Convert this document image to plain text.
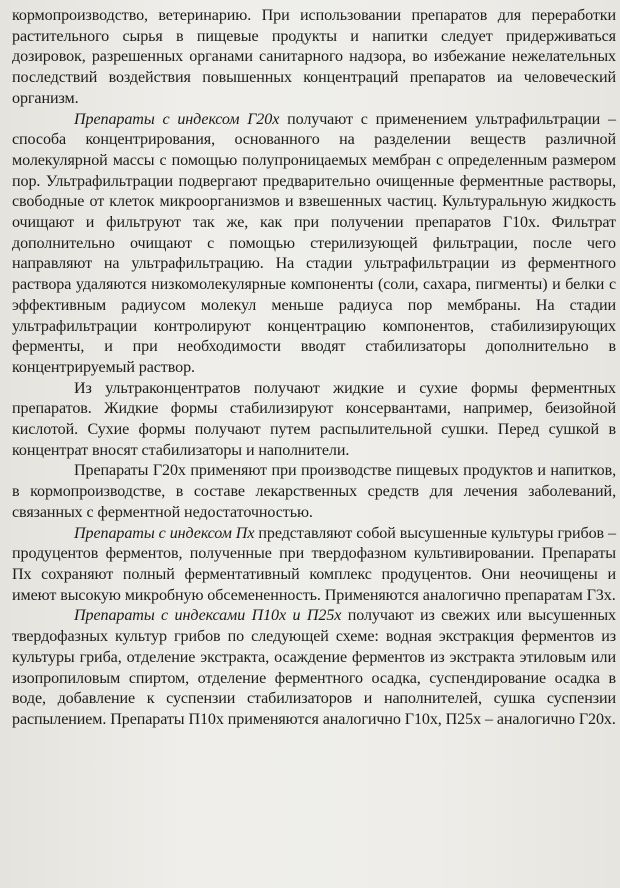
кормопроизводство, ветеринарию. При использовании препаратов для переработки растительного сырья в пищевые продукты и напитки следует придерживаться дозировок, разрешенных органами санитарного надзора, во избежание нежелательных последствий воздействия повышенных концентраций препаратов иа человеческий организм.

Препараты с индексом Г20х получают с применением ультрафильтрации – способа концентрирования, основанного на разделении веществ различной молекулярной массы с помощью полупроницаемых мембран с определенным размером пор. Ультрафильтрации подвергают предварительно очищенные ферментные растворы, свободные от клеток микроорганизмов и взвешенных частиц. Культуральную жидкость очищают и фильтруют так же, как при получении препаратов Г10х. Фильтрат дополнительно очищают с помощью стерилизующей фильтрации, после чего направляют на ультрафильтрацию. На стадии ультрафильтрации из ферментного раствора удаляются низкомолекулярные компоненты (соли, сахара, пигменты) и белки с эффективным радиусом молекул меньше радиуса пор мембраны. На стадии ультрафильтрации контролируют концентрацию компонентов, стабилизирующих ферменты, и при необходимости вводят стабилизаторы дополнительно в концентрируемый раствор.

Из ультраконцентратов получают жидкие и сухие формы ферментных препаратов. Жидкие формы стабилизируют консервантами, например, беизойной кислотой. Сухие формы получают путем распылительной сушки. Перед сушкой в концентрат вносят стабилизаторы и наполнители.

Препараты Г20х применяют при производстве пищевых продуктов и напитков, в кормопроизводстве, в составе лекарственных средств для лечения заболеваний, связанных с ферментной недостаточностью.

Препараты с индексом Пх представляют собой высушенные культуры грибов – продуцентов ферментов, полученные при твердофазном культивировании. Препараты Пх сохраняют полный ферментативный комплекс продуцентов. Они неочищены и имеют высокую микробную обсемененность. Применяются аналогично препаратам Г3х.

Препараты с индексами П10х и П25х получают из свежих или высушенных твердофазных культур грибов по следующей схеме: водная экстракция ферментов из культуры гриба, отделение экстракта, осаждение ферментов из экстракта этиловым или изопропиловым спиртом, отделение ферментного осадка, суспендирование осадка в воде, добавление к суспензии стабилизаторов и наполнителей, сушка суспензии распылением. Препараты П10х применяются аналогично Г10х, П25х – аналогично Г20х.
